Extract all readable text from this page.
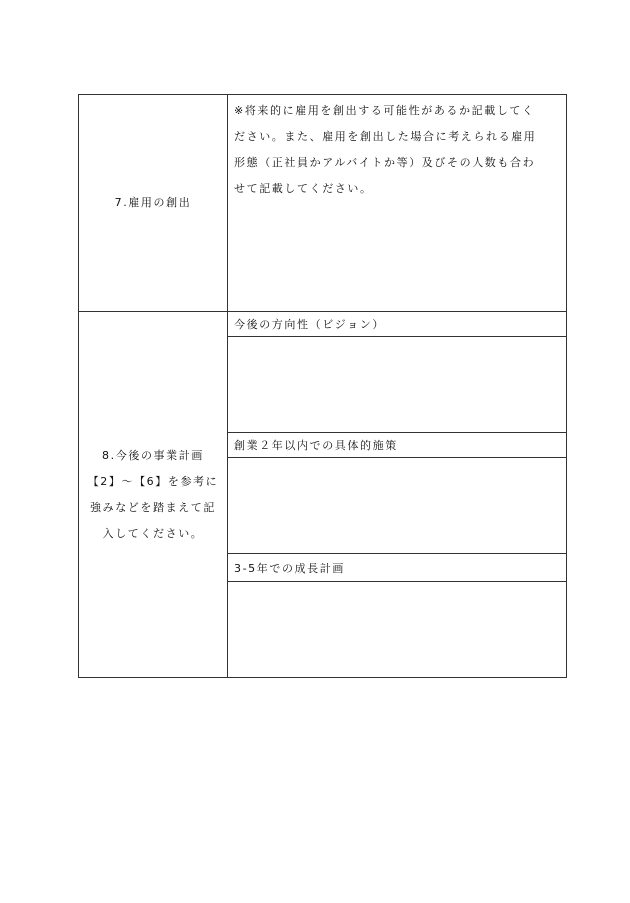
7.雇用の創出	※将来的に雇用を創出する可能性があるか記載してく
ださい。また、雇用を創出した場合に考えられる雇用
形態（正社員かアルバイトか等）及びその人数も合わ
せて記載してください。

8.今後の事業計画
【2】～【6】を参考に
強みなどを踏まえて記
入してください。	今後の方向性（ビジョン）

	創業２年以内での具体的施策

	3-5年での成長計画
